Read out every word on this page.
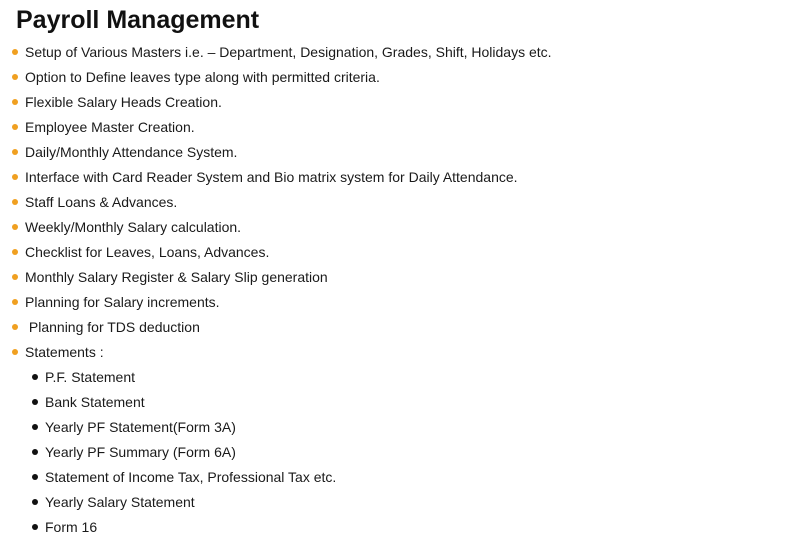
Payroll Management
Setup of Various Masters i.e. – Department, Designation, Grades, Shift, Holidays etc.
Option to Define leaves type along with permitted criteria.
Flexible Salary Heads Creation.
Employee Master Creation.
Daily/Monthly Attendance System.
Interface with Card Reader System and Bio matrix system for Daily Attendance.
Staff Loans & Advances.
Weekly/Monthly Salary calculation.
Checklist for Leaves, Loans, Advances.
Monthly Salary Register & Salary Slip generation
Planning for Salary increments.
Planning for TDS deduction
Statements :
P.F. Statement
Bank Statement
Yearly PF Statement(Form 3A)
Yearly PF Summary (Form 6A)
Statement of Income Tax, Professional Tax etc.
Yearly Salary Statement
Form 16
